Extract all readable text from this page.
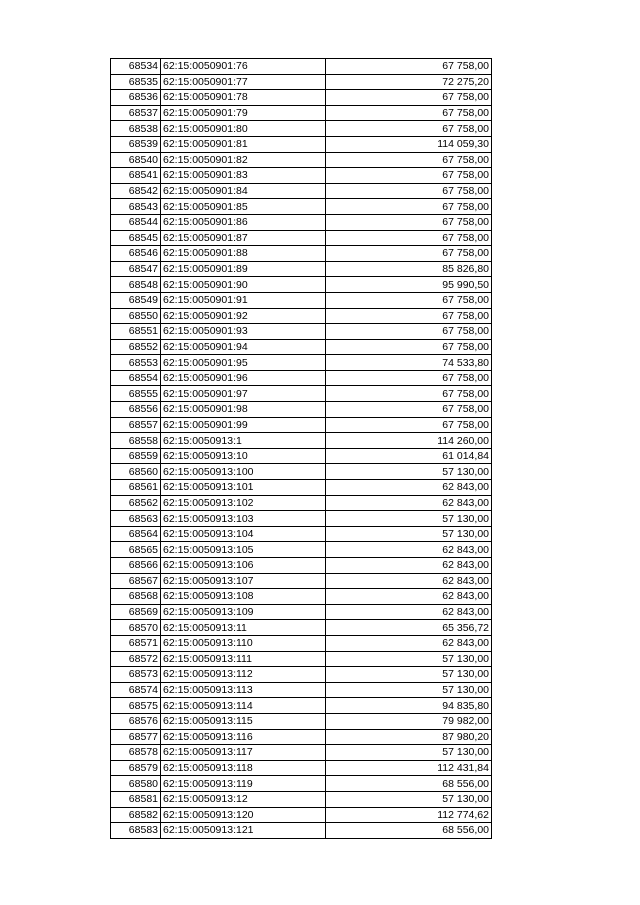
68534	62:15:0050901:76	67 758,00
68535	62:15:0050901:77	72 275,20
68536	62:15:0050901:78	67 758,00
68537	62:15:0050901:79	67 758,00
68538	62:15:0050901:80	67 758,00
68539	62:15:0050901:81	114 059,30
68540	62:15:0050901:82	67 758,00
68541	62:15:0050901:83	67 758,00
68542	62:15:0050901:84	67 758,00
68543	62:15:0050901:85	67 758,00
68544	62:15:0050901:86	67 758,00
68545	62:15:0050901:87	67 758,00
68546	62:15:0050901:88	67 758,00
68547	62:15:0050901:89	85 826,80
68548	62:15:0050901:90	95 990,50
68549	62:15:0050901:91	67 758,00
68550	62:15:0050901:92	67 758,00
68551	62:15:0050901:93	67 758,00
68552	62:15:0050901:94	67 758,00
68553	62:15:0050901:95	74 533,80
68554	62:15:0050901:96	67 758,00
68555	62:15:0050901:97	67 758,00
68556	62:15:0050901:98	67 758,00
68557	62:15:0050901:99	67 758,00
68558	62:15:0050913:1	114 260,00
68559	62:15:0050913:10	61 014,84
68560	62:15:0050913:100	57 130,00
68561	62:15:0050913:101	62 843,00
68562	62:15:0050913:102	62 843,00
68563	62:15:0050913:103	57 130,00
68564	62:15:0050913:104	57 130,00
68565	62:15:0050913:105	62 843,00
68566	62:15:0050913:106	62 843,00
68567	62:15:0050913:107	62 843,00
68568	62:15:0050913:108	62 843,00
68569	62:15:0050913:109	62 843,00
68570	62:15:0050913:11	65 356,72
68571	62:15:0050913:110	62 843,00
68572	62:15:0050913:111	57 130,00
68573	62:15:0050913:112	57 130,00
68574	62:15:0050913:113	57 130,00
68575	62:15:0050913:114	94 835,80
68576	62:15:0050913:115	79 982,00
68577	62:15:0050913:116	87 980,20
68578	62:15:0050913:117	57 130,00
68579	62:15:0050913:118	112 431,84
68580	62:15:0050913:119	68 556,00
68581	62:15:0050913:12	57 130,00
68582	62:15:0050913:120	112 774,62
68583	62:15:0050913:121	68 556,00
